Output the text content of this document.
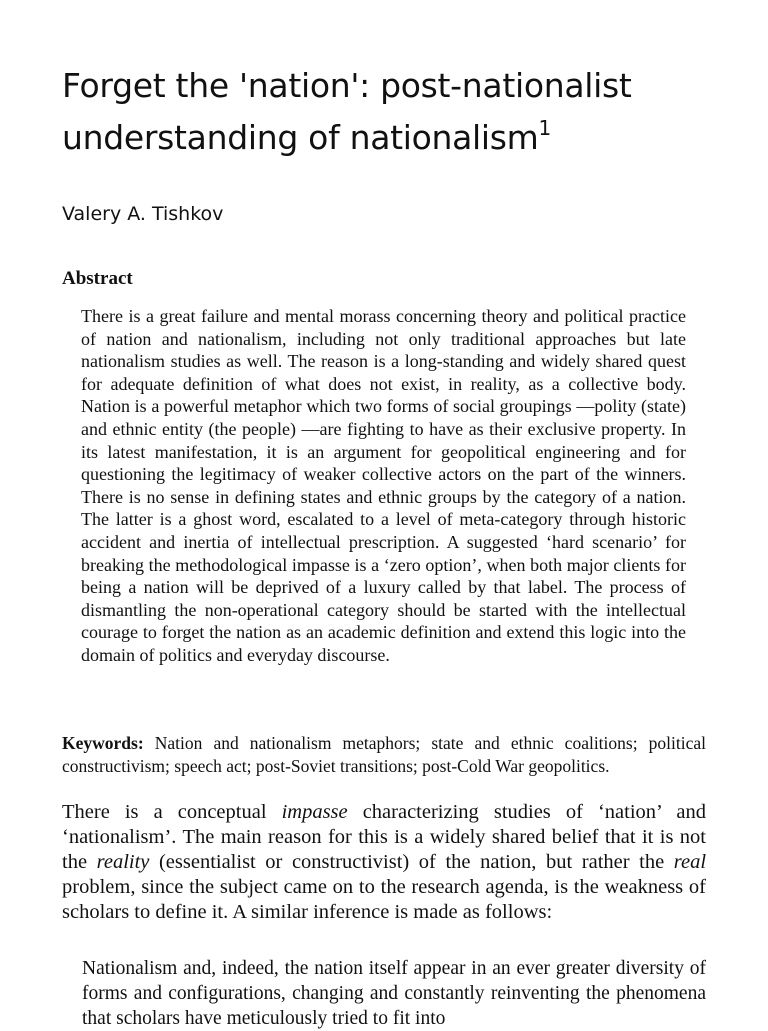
Forget the 'nation': post-nationalist understanding of nationalism$^1$

Valery A. Tishkov

Abstract

There is a great failure and mental morass concerning theory and political practice of nation and nationalism, including not only traditional approaches but late nationalism studies as well. The reason is a long-standing and widely shared quest for adequate definition of what does not exist, in reality, as a collective body. Nation is a powerful metaphor which two forms of social groupings —polity (state) and ethnic entity (the people) —are fighting to have as their exclusive property. In its latest manifestation, it is an argument for geopolitical engineering and for questioning the legitimacy of weaker collective actors on the part of the winners. There is no sense in defining states and ethnic groups by the category of a nation. The latter is a ghost word, escalated to a level of meta-category through historic accident and inertia of intellectual prescription. A suggested ‘hard scenario’ for breaking the methodological impasse is a ‘zero option’, when both major clients for being a nation will be deprived of a luxury called by that label. The process of dismantling the non-operational category should be started with the intellectual courage to forget the nation as an academic definition and extend this logic into the domain of politics and everyday discourse.

Keywords: Nation and nationalism metaphors; state and ethnic coalitions; political constructivism; speech act; post-Soviet transitions; post-Cold War geopolitics.

There is a conceptual impasse characterizing studies of ‘nation’ and ‘nationalism’. The main reason for this is a widely shared belief that it is not the reality (essentialist or constructivist) of the nation, but rather the real problem, since the subject came on to the research agenda, is the weakness of scholars to define it. A similar inference is made as follows:

Nationalism and, indeed, the nation itself appear in an ever greater diversity of forms and configurations, changing and constantly reinventing the phenomena that scholars have meticulously tried to fit into
